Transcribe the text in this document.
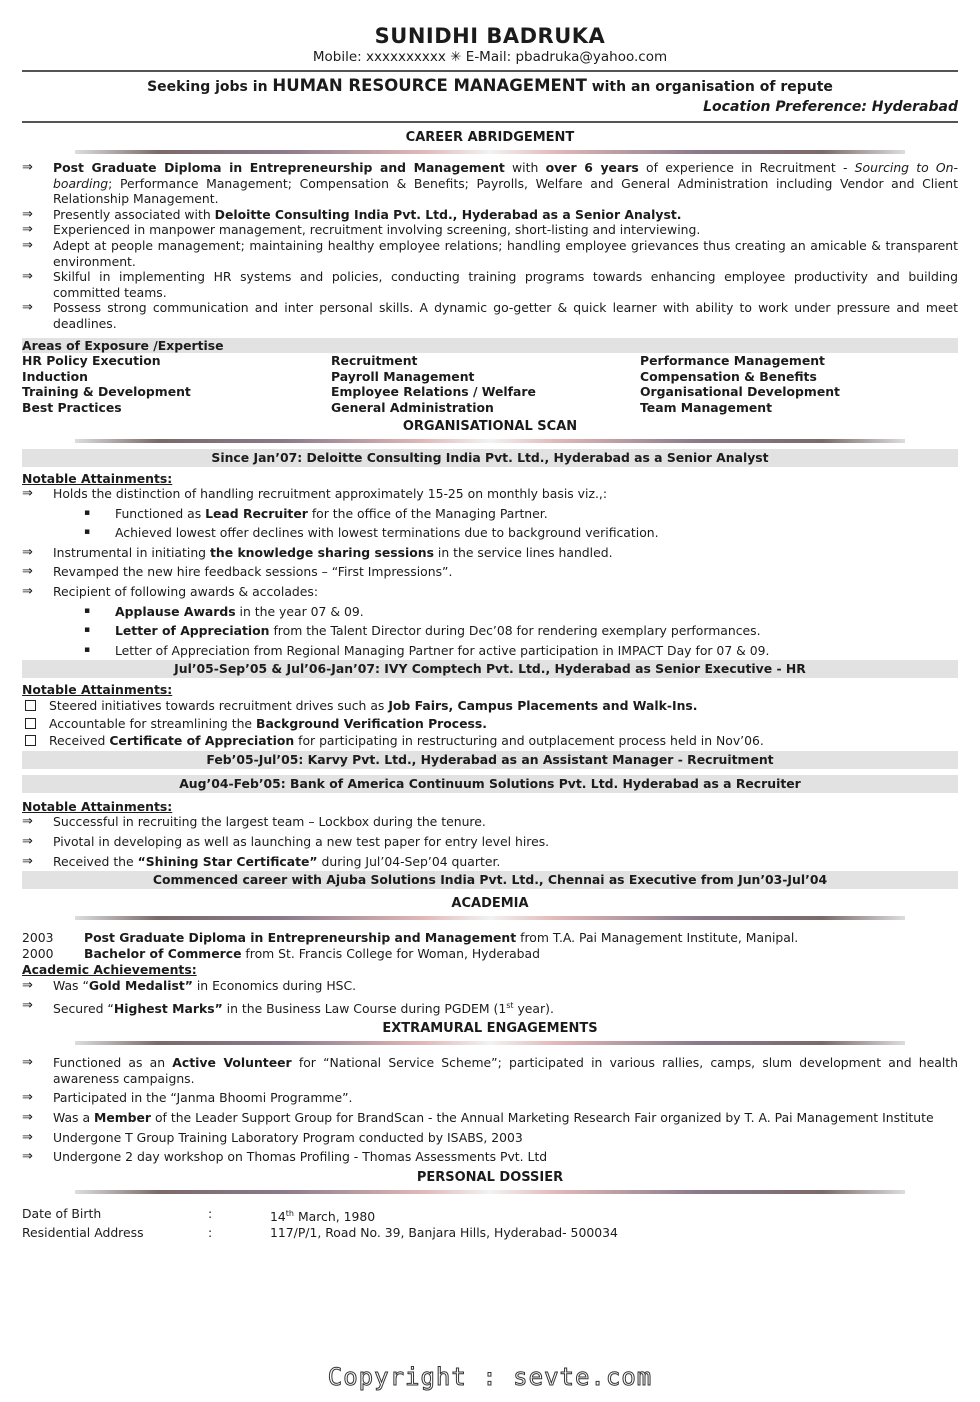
SUNIDHI BADRUKA
Mobile: xxxxxxxxxx ✳ E-Mail: pbadruka@yahoo.com
Seeking jobs in HUMAN RESOURCE MANAGEMENT with an organisation of repute
Location Preference: Hyderabad
CAREER ABRIDGEMENT
⇒	Post Graduate Diploma in Entrepreneurship and Management with over 6 years of experience in Recruitment - Sourcing to On-boarding; Performance Management; Compensation & Benefits; Payrolls, Welfare and General Administration including Vendor and Client Relationship Management.
⇒	Presently associated with Deloitte Consulting India Pvt. Ltd., Hyderabad as a Senior Analyst.
⇒	Experienced in manpower management, recruitment involving screening, short-listing and interviewing.
⇒	Adept at people management; maintaining healthy employee relations; handling employee grievances thus creating an amicable & transparent environment.
⇒	Skilful in implementing HR systems and policies, conducting training programs towards enhancing employee productivity and building committed teams.
⇒	Possess strong communication and inter personal skills. A dynamic go-getter & quick learner with ability to work under pressure and meet deadlines.
Areas of Exposure /Expertise
HR Policy Execution	Recruitment	Performance Management
Induction	Payroll Management	Compensation & Benefits
Training & Development	Employee Relations / Welfare	Organisational Development
Best Practices	General Administration	Team Management
ORGANISATIONAL SCAN
Since Jan’07: Deloitte Consulting India Pvt. Ltd., Hyderabad as a Senior Analyst
Notable Attainments:
⇒	Holds the distinction of handling recruitment approximately 15-25 on monthly basis viz.,:
▪	Functioned as Lead Recruiter for the office of the Managing Partner.
▪	Achieved lowest offer declines with lowest terminations due to background verification.
⇒	Instrumental in initiating the knowledge sharing sessions in the service lines handled.
⇒	Revamped the new hire feedback sessions – “First Impressions”.
⇒	Recipient of following awards & accolades:
▪	Applause Awards in the year 07 & 09.
▪	Letter of Appreciation from the Talent Director during Dec’08 for rendering exemplary performances.
▪	Letter of Appreciation from Regional Managing Partner for active participation in IMPACT Day for 07 & 09.
Jul’05-Sep’05 & Jul’06-Jan’07: IVY Comptech Pvt. Ltd., Hyderabad as Senior Executive - HR
Notable Attainments:
Steered initiatives towards recruitment drives such as Job Fairs, Campus Placements and Walk-Ins.
Accountable for streamlining the Background Verification Process.
Received Certificate of Appreciation for participating in restructuring and outplacement process held in Nov’06.
Feb’05-Jul’05: Karvy Pvt. Ltd., Hyderabad as an Assistant Manager - Recruitment
Aug’04-Feb’05: Bank of America Continuum Solutions Pvt. Ltd. Hyderabad as a Recruiter
Notable Attainments:
⇒	Successful in recruiting the largest team – Lockbox during the tenure.
⇒	Pivotal in developing as well as launching a new test paper for entry level hires.
⇒	Received the “Shining Star Certificate” during Jul’04-Sep’04 quarter.
Commenced career with Ajuba Solutions India Pvt. Ltd., Chennai as Executive from Jun’03-Jul’04
ACADEMIA
2003	Post Graduate Diploma in Entrepreneurship and Management from T.A. Pai Management Institute, Manipal.
2000	Bachelor of Commerce from St. Francis College for Woman, Hyderabad
Academic Achievements:
⇒	Was “Gold Medalist” in Economics during HSC.
⇒	Secured “Highest Marks” in the Business Law Course during PGDEM (1st year).
EXTRAMURAL ENGAGEMENTS
⇒	Functioned as an Active Volunteer for “National Service Scheme”; participated in various rallies, camps, slum development and health awareness campaigns.
⇒	Participated in the “Janma Bhoomi Programme”.
⇒	Was a Member of the Leader Support Group for BrandScan - the Annual Marketing Research Fair organized by T. A. Pai Management Institute
⇒	Undergone T Group Training Laboratory Program conducted by ISABS, 2003
⇒	Undergone 2 day workshop on Thomas Profiling - Thomas Assessments Pvt. Ltd
PERSONAL DOSSIER
Date of Birth	:	14th March, 1980
Residential Address	:	117/P/1, Road No. 39, Banjara Hills, Hyderabad- 500034
Copyright : sevte.com
